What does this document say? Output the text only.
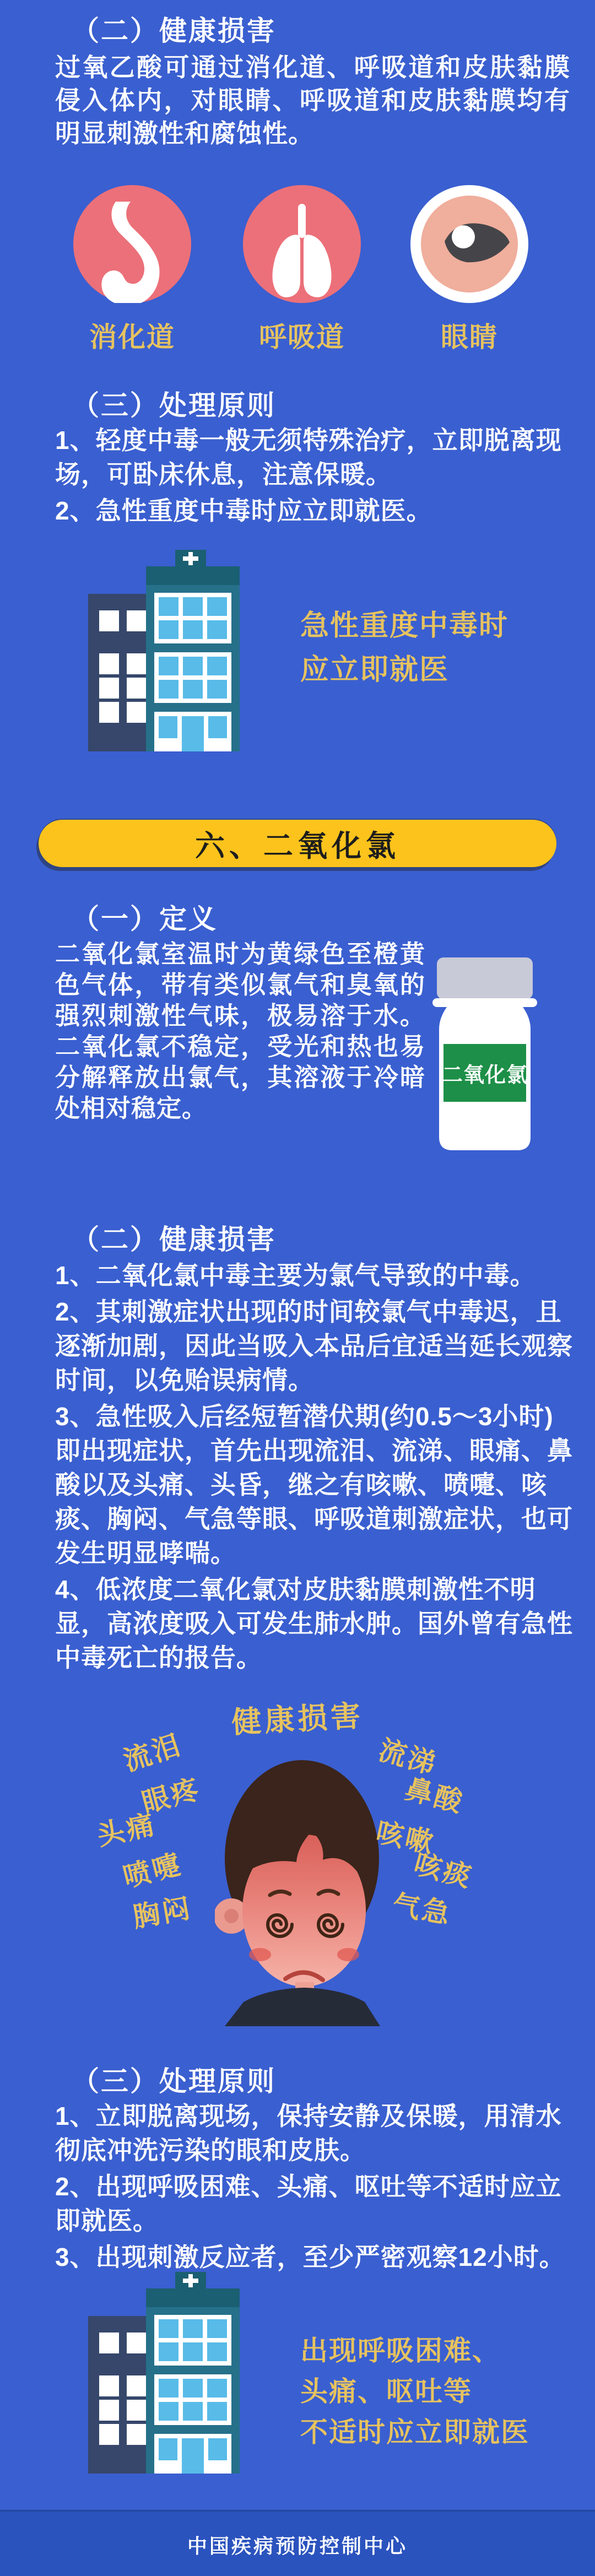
（二）健康损害
过氧乙酸可通过消化道、呼吸道和皮肤黏膜侵入体内，对眼睛、呼吸道和皮肤黏膜均有明显刺激性和腐蚀性。
消化道	呼吸道	眼睛
（三）处理原则

1、轻度中毒一般无须特殊治疗，立即脱离现场，可卧床休息，注意保暖。

2、急性重度中毒时应立即就医。

急性重度中毒时
应立即就医
六、二氧化氯
（一）定义
二氧化氯室温时为黄绿色至橙黄色气体，带有类似氯气和臭氧的强烈刺激性气味，极易溶于水。二氧化氯不稳定，受光和热也易分解释放出氯气，其溶液于冷暗处相对稳定。
二氧化氯
（二）健康损害

1、二氧化氯中毒主要为氯气导致的中毒。

2、其刺激症状出现的时间较氯气中毒迟，且逐渐加剧，因此当吸入本品后宜适当延长观察时间，以免贻误病情。

3、急性吸入后经短暂潜伏期(约0.5～3小时)即出现症状，首先出现流泪、流涕、眼痛、鼻酸以及头痛、头昏，继之有咳嗽、喷嚏、咳痰、胸闷、气急等眼、呼吸道刺激症状，也可发生明显哮喘。

4、低浓度二氧化氯对皮肤黏膜刺激性不明显，高浓度吸入可发生肺水肿。国外曾有急性中毒死亡的报告。

健康损害
流泪
眼疼
头痛
喷嚏
胸闷
流涕
鼻酸
咳嗽
咳痰
气急
（三）处理原则

1、立即脱离现场，保持安静及保暖，用清水彻底冲洗污染的眼和皮肤。

2、出现呼吸困难、头痛、呕吐等不适时应立即就医。

3、出现刺激反应者，至少严密观察12小时。

出现呼吸困难、
头痛、呕吐等
不适时应立即就医
中国疾病预防控制中心
